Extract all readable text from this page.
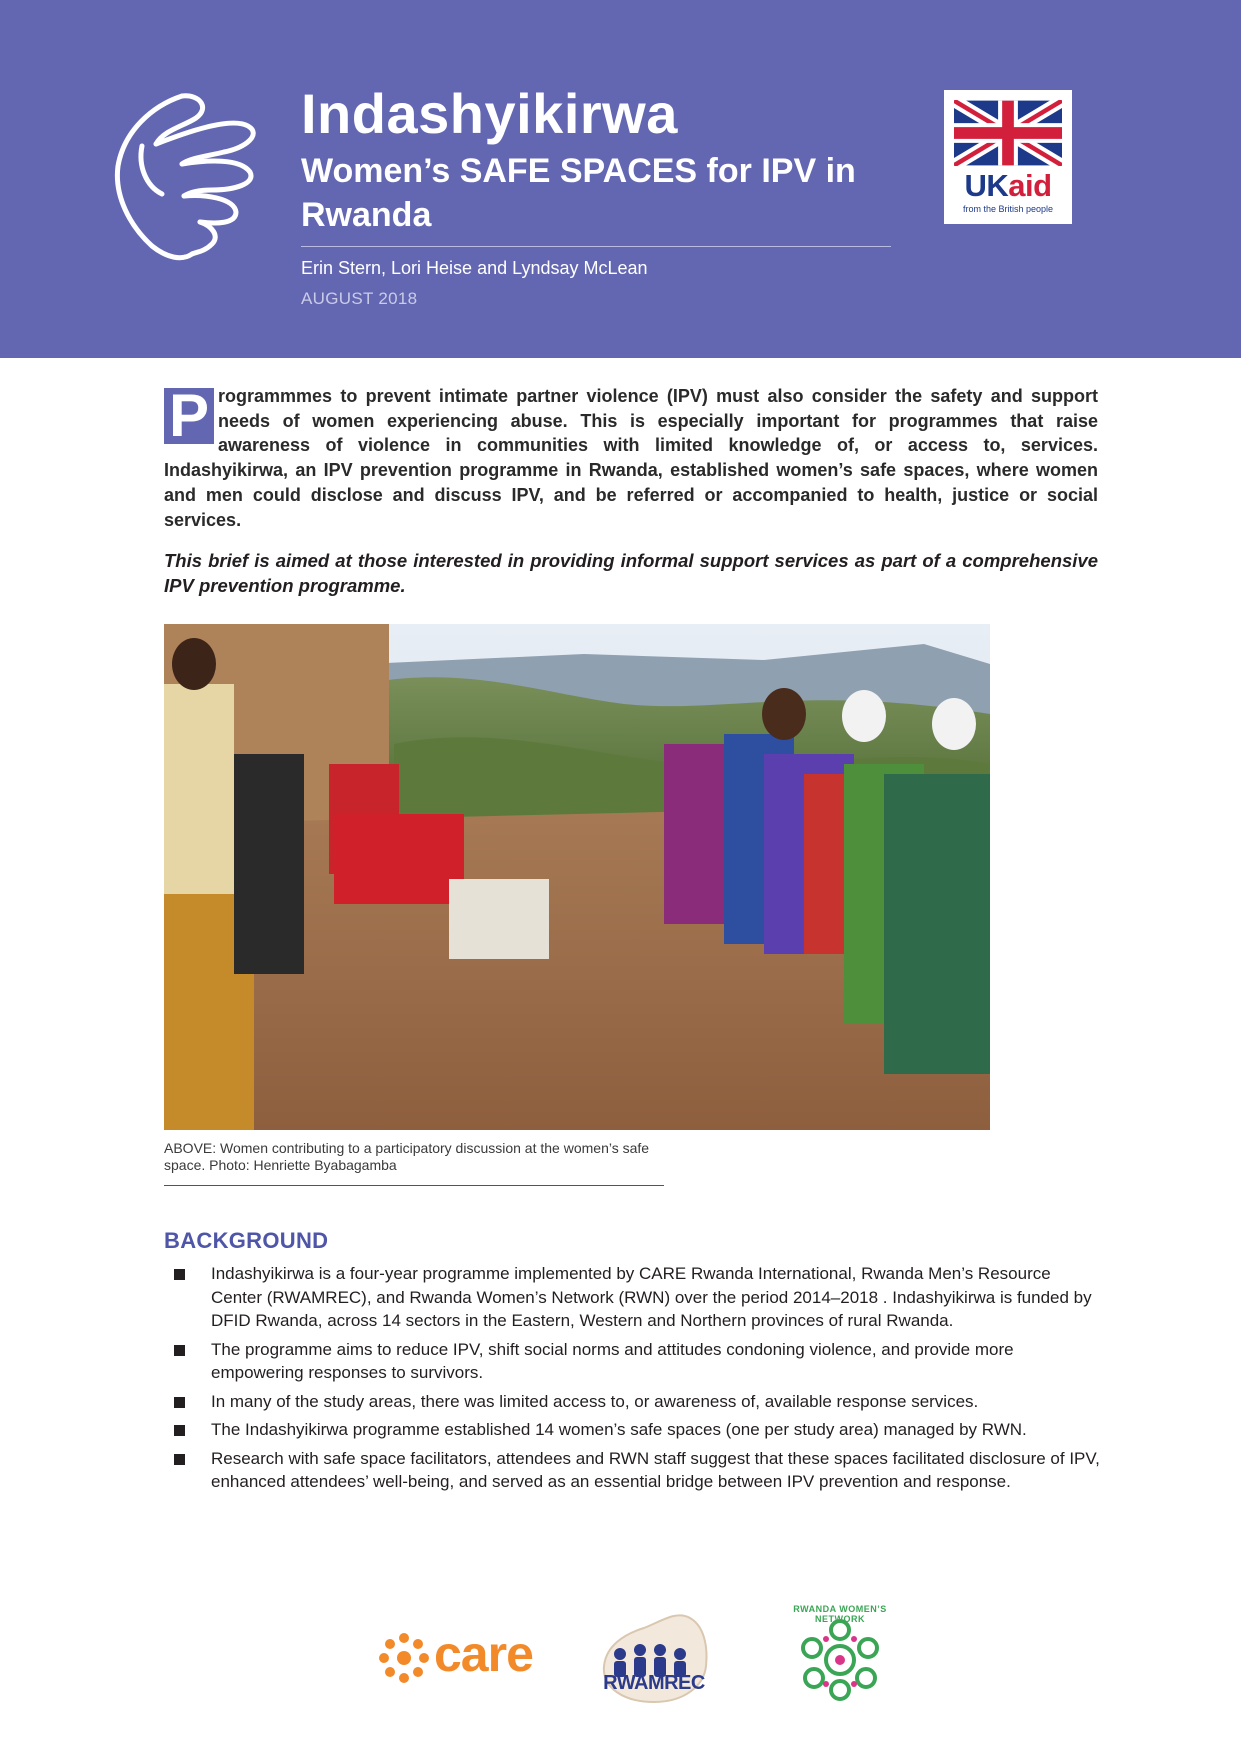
Indashyikirwa
Women’s SAFE SPACES for IPV in Rwanda
Erin Stern, Lori Heise and Lyndsay McLean
AUGUST 2018
UKaid
from the British people
P rogrammmes to prevent intimate partner violence (IPV) must also consider the safety and support needs of women experiencing abuse. This is especially important for programmes that raise awareness of violence in communities with limited knowledge of, or access to, services. Indashyikirwa, an IPV prevention programme in Rwanda, established women’s safe spaces, where women and men could disclose and discuss IPV, and be referred or accompanied to health, justice or social services.

This brief is aimed at those interested in providing informal support services as part of a comprehensive IPV prevention programme.

ABOVE: Women contributing to a participatory discussion at the women’s safe space. Photo: Henriette Byabagamba
BACKGROUND
Indashyikirwa is a four-year programme implemented by CARE Rwanda International, Rwanda Men’s Resource Center (RWAMREC), and Rwanda Women’s Network (RWN) over the period 2014–2018 . Indashyikirwa is funded by DFID Rwanda, across 14 sectors in the Eastern, Western and Northern provinces of rural Rwanda.
The programme aims to reduce IPV, shift social norms and attitudes condoning violence, and provide more empowering responses to survivors.
In many of the study areas, there was limited access to, or awareness of, available response services.
The Indashyikirwa programme established 14 women’s safe spaces (one per study area) managed by RWN.
Research with safe space facilitators, attendees and RWN staff suggest that these spaces facilitated disclosure of IPV, enhanced attendees’ well-being, and served as an essential bridge between IPV prevention and response.
care
RWAMREC
RWANDA WOMEN’S NETWORK
